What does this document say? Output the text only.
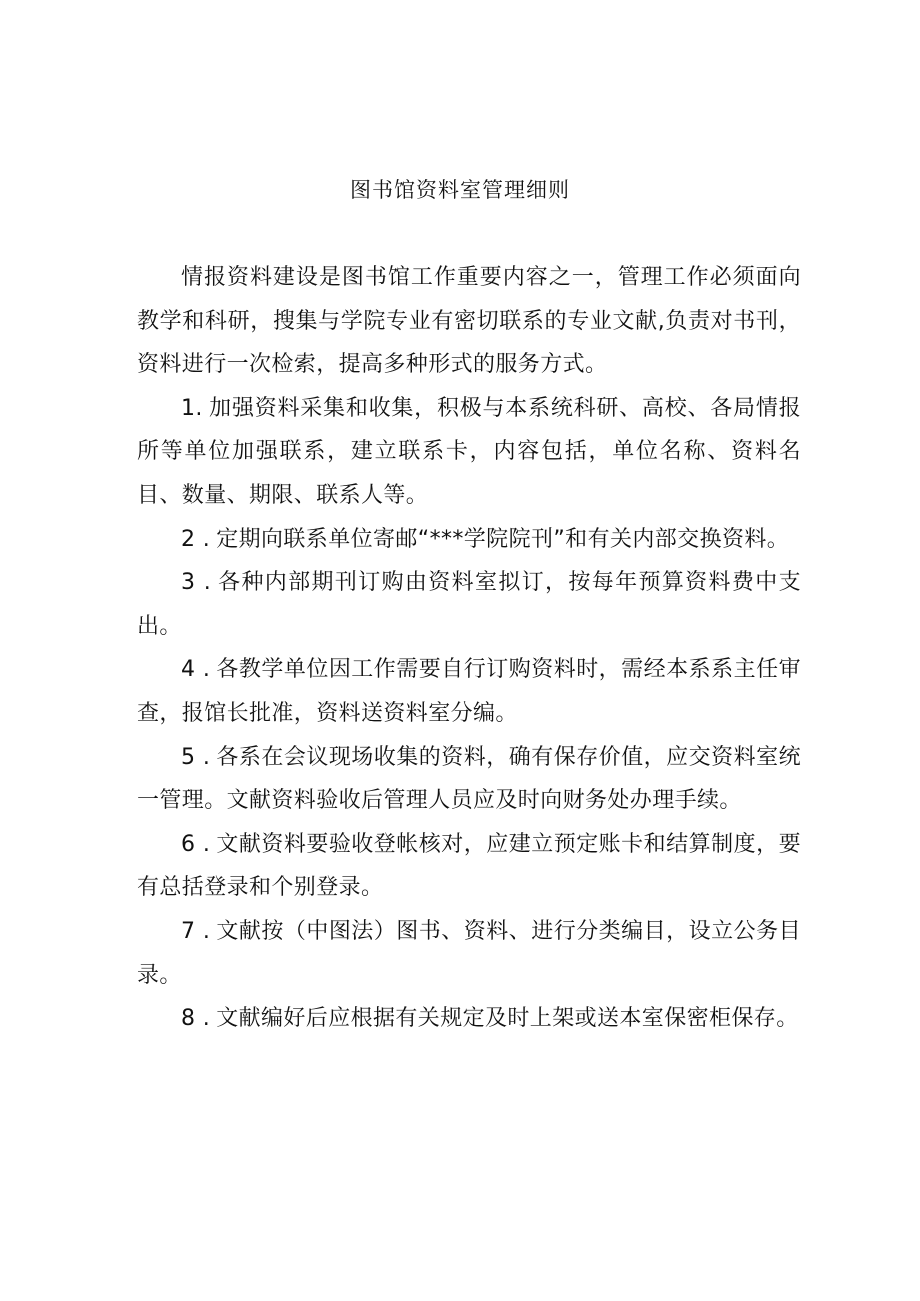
图书馆资料室管理细则

情报资料建设是图书馆工作重要内容之一，管理工作必须面向教学和科研，搜集与学院专业有密切联系的专业文献,负责对书刊，资料进行一次检索，提高多种形式的服务方式。

1. 加强资料采集和收集，积极与本系统科研、高校、各局情报所等单位加强联系，建立联系卡，内容包括，单位名称、资料名目、数量、期限、联系人等。

2 . 定期向联系单位寄邮“***学院院刊”和有关内部交换资料。

3 . 各种内部期刊订购由资料室拟订，按每年预算资料费中支出。

4 . 各教学单位因工作需要自行订购资料时，需经本系系主任审查，报馆长批准，资料送资料室分编。

5 . 各系在会议现场收集的资料，确有保存价值，应交资料室统一管理。文献资料验收后管理人员应及时向财务处办理手续。

6 . 文献资料要验收登帐核对，应建立预定账卡和结算制度，要有总括登录和个别登录。

7 . 文献按（中图法）图书、资料、进行分类编目，设立公务目录。

8 . 文献编好后应根据有关规定及时上架或送本室保密柜保存。
